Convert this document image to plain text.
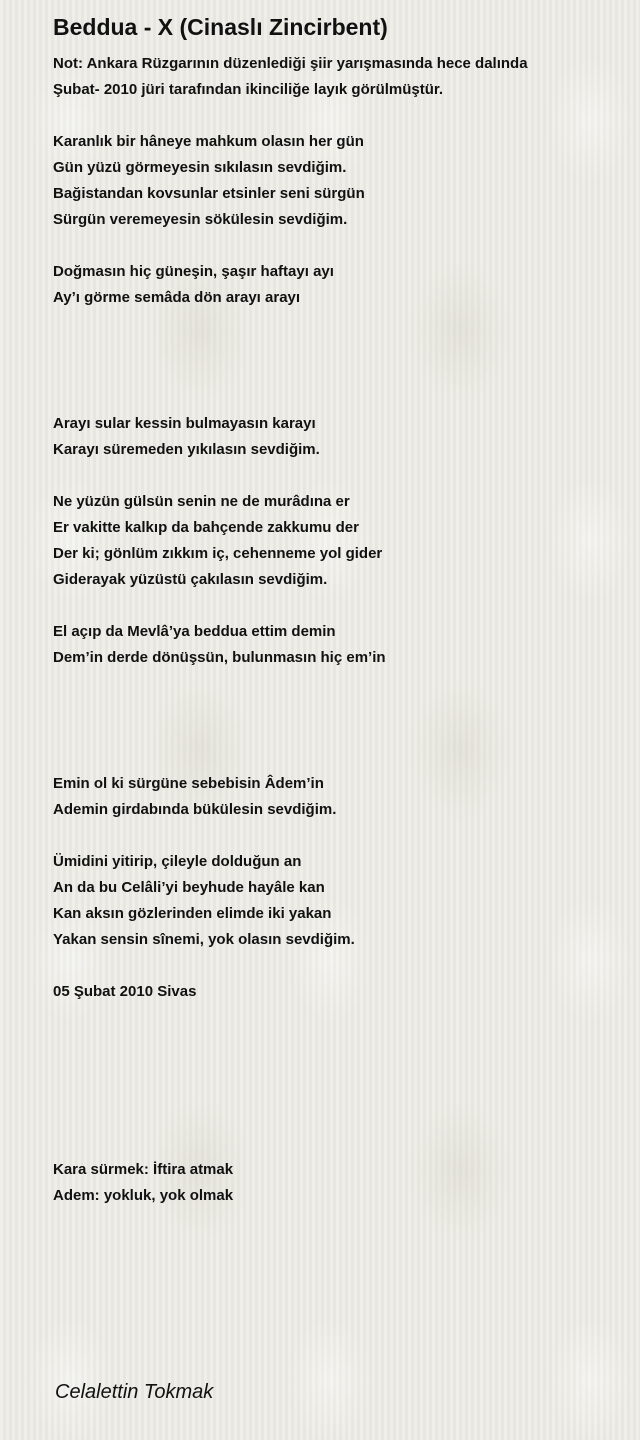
Beddua - X (Cinaslı Zincirbent)
Not: Ankara Rüzgarının düzenlediği şiir yarışmasında hece dalında
Şubat- 2010 jüri tarafından ikinciliğe layık görülmüştür.
Karanlık bir hâneye mahkum olasın her gün
Gün yüzü görmeyesin sıkılasın sevdiğim.
Bağistandan kovsunlar etsinler seni sürgün
Sürgün veremeyesin sökülesin sevdiğim.
Doğmasın hiç güneşin, şaşır haftayı ayı
Ay’ı görme semâda dön arayı arayı
Arayı sular kessin bulmayasın karayı
Karayı süremeden yıkılasın sevdiğim.
Ne yüzün gülsün senin ne de murâdına er
Er vakitte kalkıp da bahçende zakkumu der
Der ki; gönlüm zıkkım iç, cehenneme yol gider
Giderayak yüzüstü çakılasın sevdiğim.
El açıp da Mevlâ’ya beddua ettim demin
Dem’in derde dönüşsün, bulunmasın hiç em’in
Emin ol ki sürgüne sebebisin Âdem’in
Ademin girdabında bükülesin sevdiğim.
Ümidini yitirip, çileyle dolduğun an
An da bu Celâli’yi beyhude hayâle kan
Kan aksın gözlerinden elimde iki yakan
Yakan sensin sînemi, yok olasın sevdiğim.
05 Şubat 2010 Sivas
Kara sürmek: İftira atmak
Adem: yokluk, yok olmak
Celalettin Tokmak
